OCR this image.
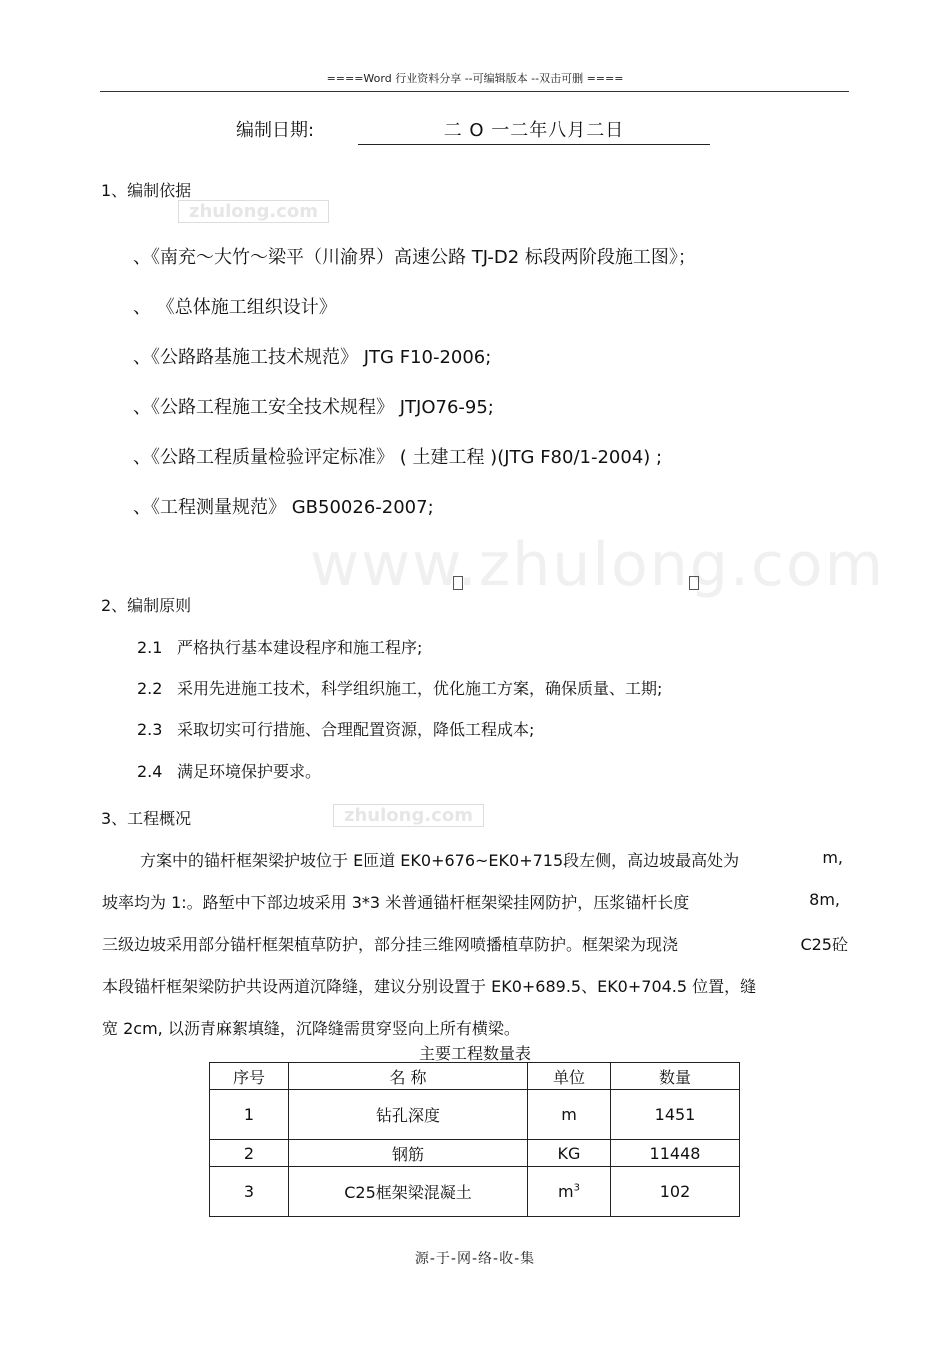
====Word 行业资料分享 --可编辑版本 --双击可删 ====
编制日期:	二 O 一二年八月二日
1、编制依据
zhulong.com
、《南充～大竹～梁平（川渝界）高速公路 TJ-D2 标段两阶段施工图》；
、 《总体施工组织设计》
、《公路路基施工技术规范》 JTG F10-2006;
、《公路工程施工安全技术规程》 JTJO76-95;
、《公路工程质量检验评定标准》 ( 土建工程 )(JTG F80/1-2004) ;
、《工程测量规范》 GB50026-2007;
www.zhulong.com
2、编制原则
2.1 严格执行基本建设程序和施工程序;
2.2 采用先进施工技术，科学组织施工，优化施工方案，确保质量、工期;
2.3 采取切实可行措施、合理配置资源，降低工程成本;
2.4 满足环境保护要求。
3、工程概况	zhulong.com
方案中的锚杆框架梁护坡位于 E匝道 EK0+676~EK0+715段左侧，高边坡最高处为	m,
坡率均为 1:。路堑中下部边坡采用 3*3 米普通锚杆框架梁挂网防护，压浆锚杆长度	8m,
三级边坡采用部分锚杆框架植草防护，部分挂三维网喷播植草防护。框架梁为现浇	C25砼
本段锚杆框架梁防护共设两道沉降缝，建议分别设置于 EK0+689.5、EK0+704.5 位置，缝
宽 2cm, 以沥青麻絮填缝，沉降缝需贯穿竖向上所有横梁。
主要工程数量表
序号	名 称	单位	数量
1	钻孔深度	m	1451
2	钢筋	KG	11448
3	C25框架梁混凝土	$m^3$	102
源-于-网-络-收-集
